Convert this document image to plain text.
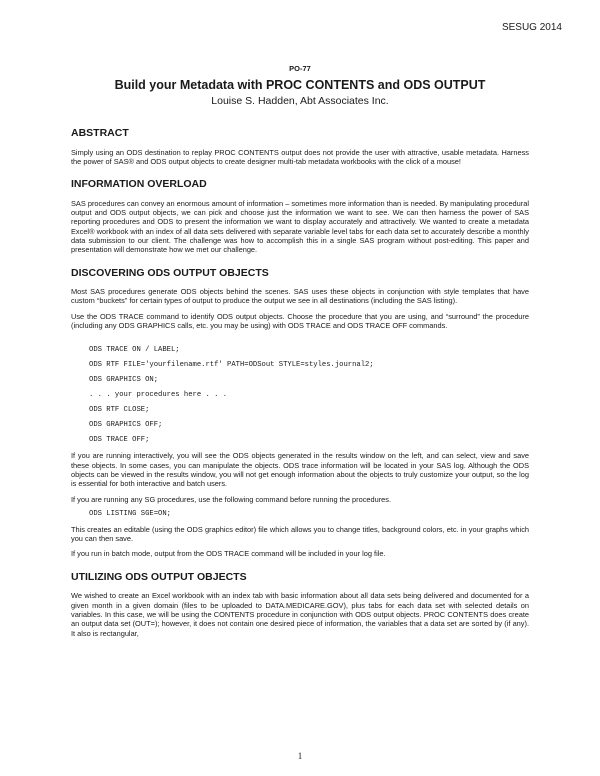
SESUG 2014
PO-77
Build your Metadata with PROC CONTENTS and ODS OUTPUT
Louise S. Hadden, Abt Associates Inc.
ABSTRACT

Simply using an ODS destination to replay PROC CONTENTS output does not provide the user with attractive, usable metadata. Harness the power of SAS® and ODS output objects to create designer multi-tab metadata workbooks with the click of a mouse!

INFORMATION OVERLOAD

SAS procedures can convey an enormous amount of information – sometimes more information than is needed. By manipulating procedural output and ODS output objects, we can pick and choose just the information we want to see. We can then harness the power of SAS reporting procedures and ODS to present the information we want to display accurately and attractively. We wanted to create a metadata Excel® workbook with an index of all data sets delivered with separate variable level tabs for each data set to accurately describe a monthly data submission to our client. The challenge was how to accomplish this in a single SAS program without post-editing. This paper and presentation will demonstrate how we met our challenge.

DISCOVERING ODS OUTPUT OBJECTS

Most SAS procedures generate ODS objects behind the scenes. SAS uses these objects in conjunction with style templates that have custom “buckets” for certain types of output to produce the output we see in all destinations (including the SAS listing).

Use the ODS TRACE command to identify ODS output objects. Choose the procedure that you are using, and “surround” the procedure (including any ODS GRAPHICS calls, etc. you may be using) with ODS TRACE and ODS TRACE OFF commands.

ODS TRACE ON / LABEL;
ODS RTF FILE='yourfilename.rtf' PATH=ODSout STYLE=styles.journal2;
ODS GRAPHICS ON;
. . . your procedures here . . .
ODS RTF CLOSE;
ODS GRAPHICS OFF;
ODS TRACE OFF;

If you are running interactively, you will see the ODS objects generated in the results window on the left, and can select, view and save these objects. In some cases, you can manipulate the objects. ODS trace information will be located in your SAS log. Although the ODS objects can be viewed in the results window, you will not get enough information about the objects to truly customize your output, so the log is essential for both interactive and batch users.

If you are running any SG procedures, use the following command before running the procedures.

ODS LISTING SGE=ON;

This creates an editable (using the ODS graphics editor) file which allows you to change titles, background colors, etc. in your graphs which you can then save.

If you run in batch mode, output from the ODS TRACE command will be included in your log file.

UTILIZING ODS OUTPUT OBJECTS

We wished to create an Excel workbook with an index tab with basic information about all data sets being delivered and documented for a given month in a given domain (files to be uploaded to DATA.MEDICARE.GOV), plus tabs for each data set with selected details on variables. In this case, we will be using the CONTENTS procedure in conjunction with ODS output objects. PROC CONTENTS does create an output data set (OUT=); however, it does not contain one desired piece of information, the variables that a data set are sorted by (if any). It also is rectangular,

1
